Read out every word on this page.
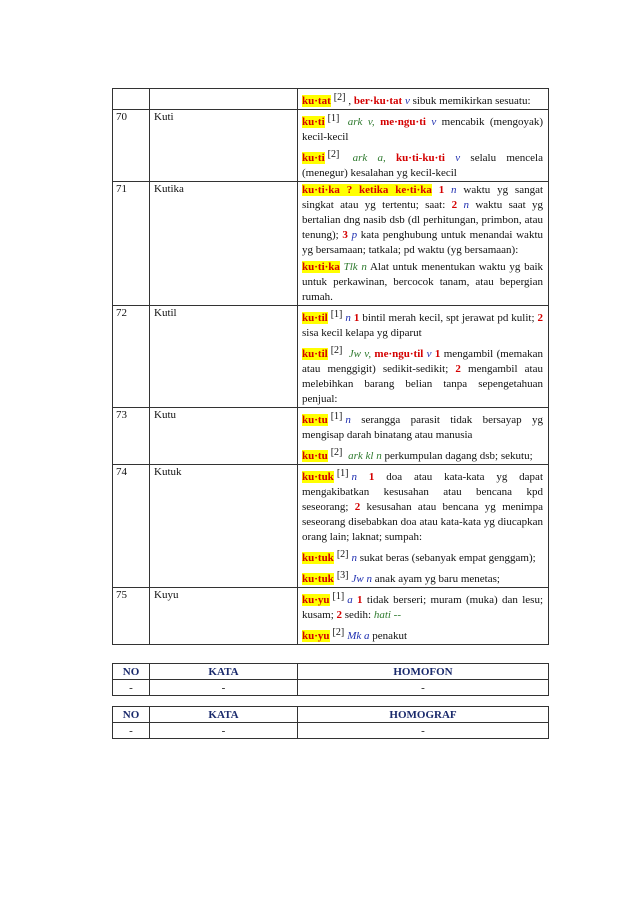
		ku·tat [2] , ber·ku·tat v sibuk memikirkan sesuatu:

70	Kuti	ku·ti [1] ark v, me·ngu·ti v mencabik (mengoyak) kecil-kecil
ku·ti [2] ark a, ku·ti-ku·ti v selalu mencela (menegur) kesalahan yg kecil-kecil

71	Kutika	ku·ti·ka ? ketika ke·ti·ka 1 n waktu yg sangat singkat atau yg tertentu; saat: 2 n waktu saat yg bertalian dng nasib dsb (dl perhitungan, primbon, atau tenung); 3 p kata penghubung untuk menandai waktu yg bersamaan; tatkala; pd waktu (yg bersamaan):
ku·ti·ka Tlk n Alat untuk menentukan waktu yg baik untuk perkawinan, bercocok tanam, atau bepergian rumah.

72	Kutil	ku·til [1] n 1 bintil merah kecil, spt jerawat pd kulit; 2 sisa kecil kelapa yg diparut
ku·til [2] Jw v, me·ngu·til v 1 mengambil (memakan atau menggigit) sedikit-sedikit; 2 mengambil atau melebihkan barang belian tanpa sepengetahuan penjual:

73	Kutu	ku·tu [1] n serangga parasit tidak bersayap yg mengisap darah binatang atau manusia
ku·tu [2] ark kl n perkumpulan dagang dsb; sekutu;

74	Kutuk	ku·tuk [1] n 1 doa atau kata-kata yg dapat mengakibatkan kesusahan atau bencana kpd seseorang; 2 kesusahan atau bencana yg menimpa seseorang disebabkan doa atau kata-kata yg diucapkan orang lain; laknat; sumpah:
ku·tuk [2] n sukat beras (sebanyak empat genggam);
ku·tuk [3] Jw n anak ayam yg baru menetas;

75	Kuyu	ku·yu [1] a 1 tidak berseri; muram (muka) dan lesu; kusam; 2 sedih: hati --
ku·yu [2] Mk a penakut
NO	KATA	HOMOFON
-	-	-
NO	KATA	HOMOGRAF
-	-	-
